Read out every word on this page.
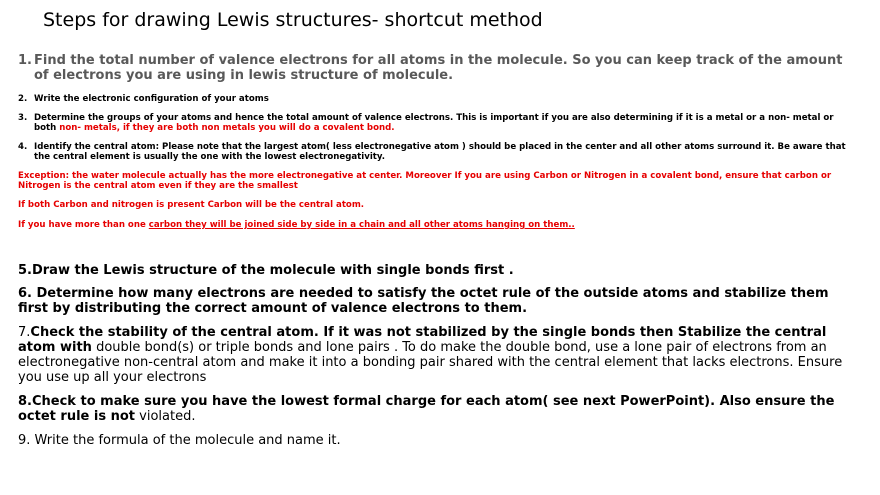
Steps for drawing Lewis structures- shortcut method
1. Find the total number of valence electrons for all atoms in the molecule. So you can keep track of the amount of electrons you are using in lewis structure of molecule.
2. Write the electronic configuration of your atoms
3. Determine the groups of your atoms and hence the total amount of valence electrons. This is important if you are also determining if it is a metal or a non- metal or both non- metals, if they are both non metals you will do a covalent bond.
4. Identify the central atom: Please note that the largest atom( less electronegative atom ) should be placed in the center and all other atoms surround it. Be aware that the central element is usually the one with the lowest electronegativity.
Exception: the water molecule actually has the more electronegative at center. Moreover If you are using Carbon or Nitrogen in a covalent bond, ensure that carbon or Nitrogen is the central atom even if they are the smallest
If both Carbon and nitrogen is present Carbon will be the central atom.
If you have more than one carbon they will be joined side by side in a chain and all other atoms hanging on them..
5.Draw the Lewis structure of the molecule with single bonds first .
6. Determine how many electrons are needed to satisfy the octet rule of the outside atoms and stabilize them first by distributing the correct amount of valence electrons to them.
7.Check the stability of the central atom. If it was not stabilized by the single bonds then Stabilize the central atom with double bond(s) or triple bonds and lone pairs . To do make the double bond, use a lone pair of electrons from an electronegative non-central atom and make it into a bonding pair shared with the central element that lacks electrons. Ensure you use up all your electrons
8.Check to make sure you have the lowest formal charge for each atom( see next PowerPoint). Also ensure the octet rule is not violated.
9. Write the formula of the molecule and name it.
